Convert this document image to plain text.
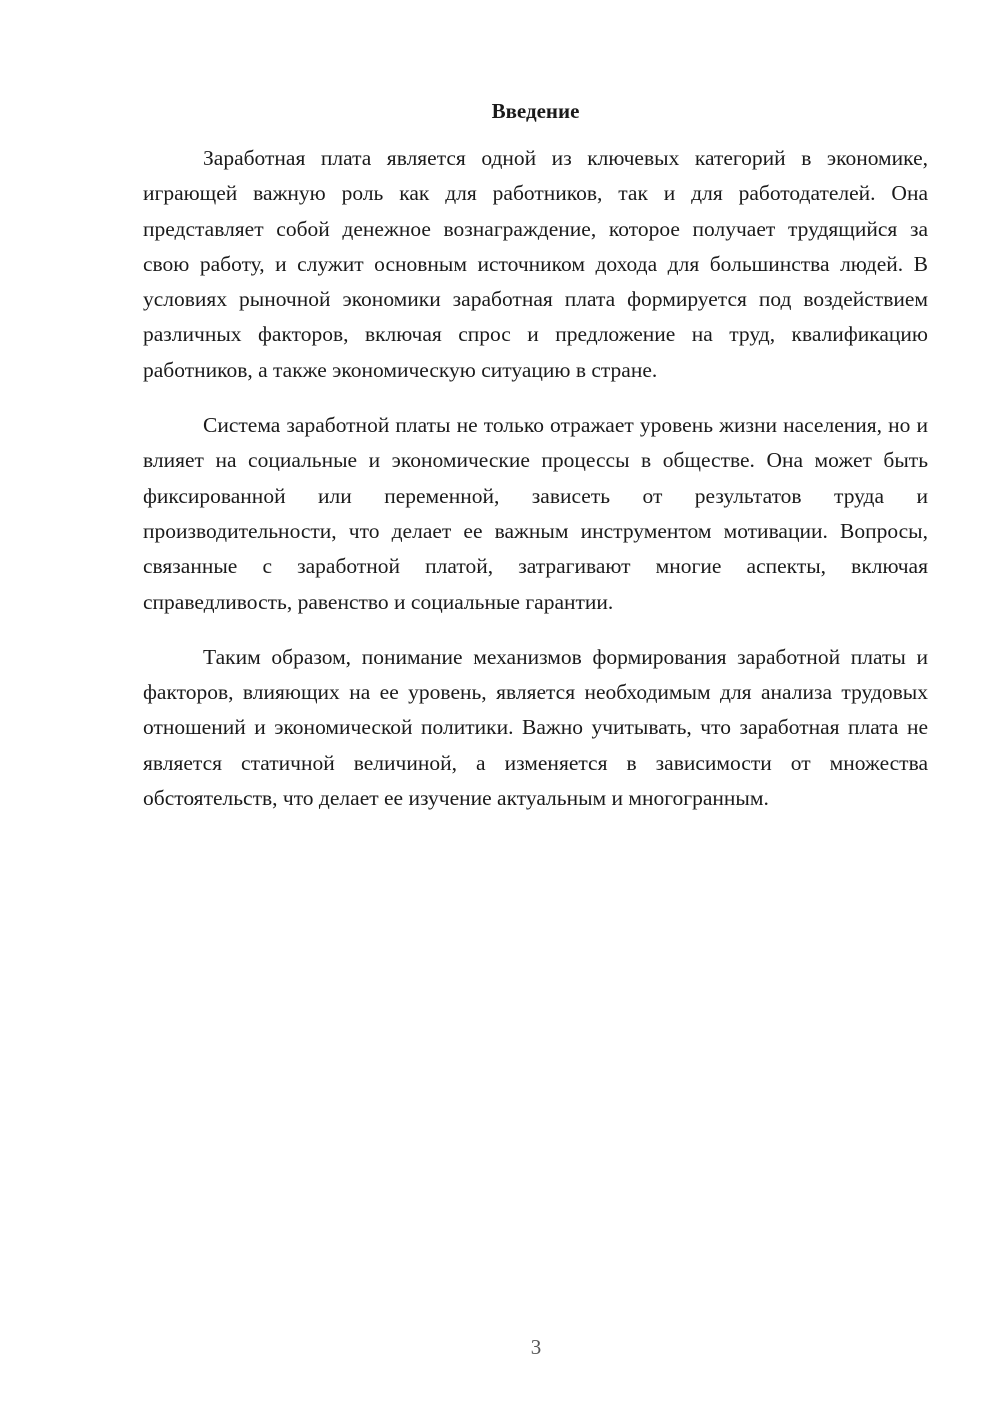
Введение

Заработная плата является одной из ключевых категорий в экономике, играющей важную роль как для работников, так и для работодателей. Она представляет собой денежное вознаграждение, которое получает трудящийся за свою работу, и служит основным источником дохода для большинства людей. В условиях рыночной экономики заработная плата формируется под воздействием различных факторов, включая спрос и предложение на труд, квалификацию работников, а также экономическую ситуацию в стране.

Система заработной платы не только отражает уровень жизни населения, но и влияет на социальные и экономические процессы в обществе. Она может быть фиксированной или переменной, зависеть от результатов труда и производительности, что делает ее важным инструментом мотивации. Вопросы, связанные с заработной платой, затрагивают многие аспекты, включая справедливость, равенство и социальные гарантии.

Таким образом, понимание механизмов формирования заработной платы и факторов, влияющих на ее уровень, является необходимым для анализа трудовых отношений и экономической политики. Важно учитывать, что заработная плата не является статичной величиной, а изменяется в зависимости от множества обстоятельств, что делает ее изучение актуальным и многогранным.

3
